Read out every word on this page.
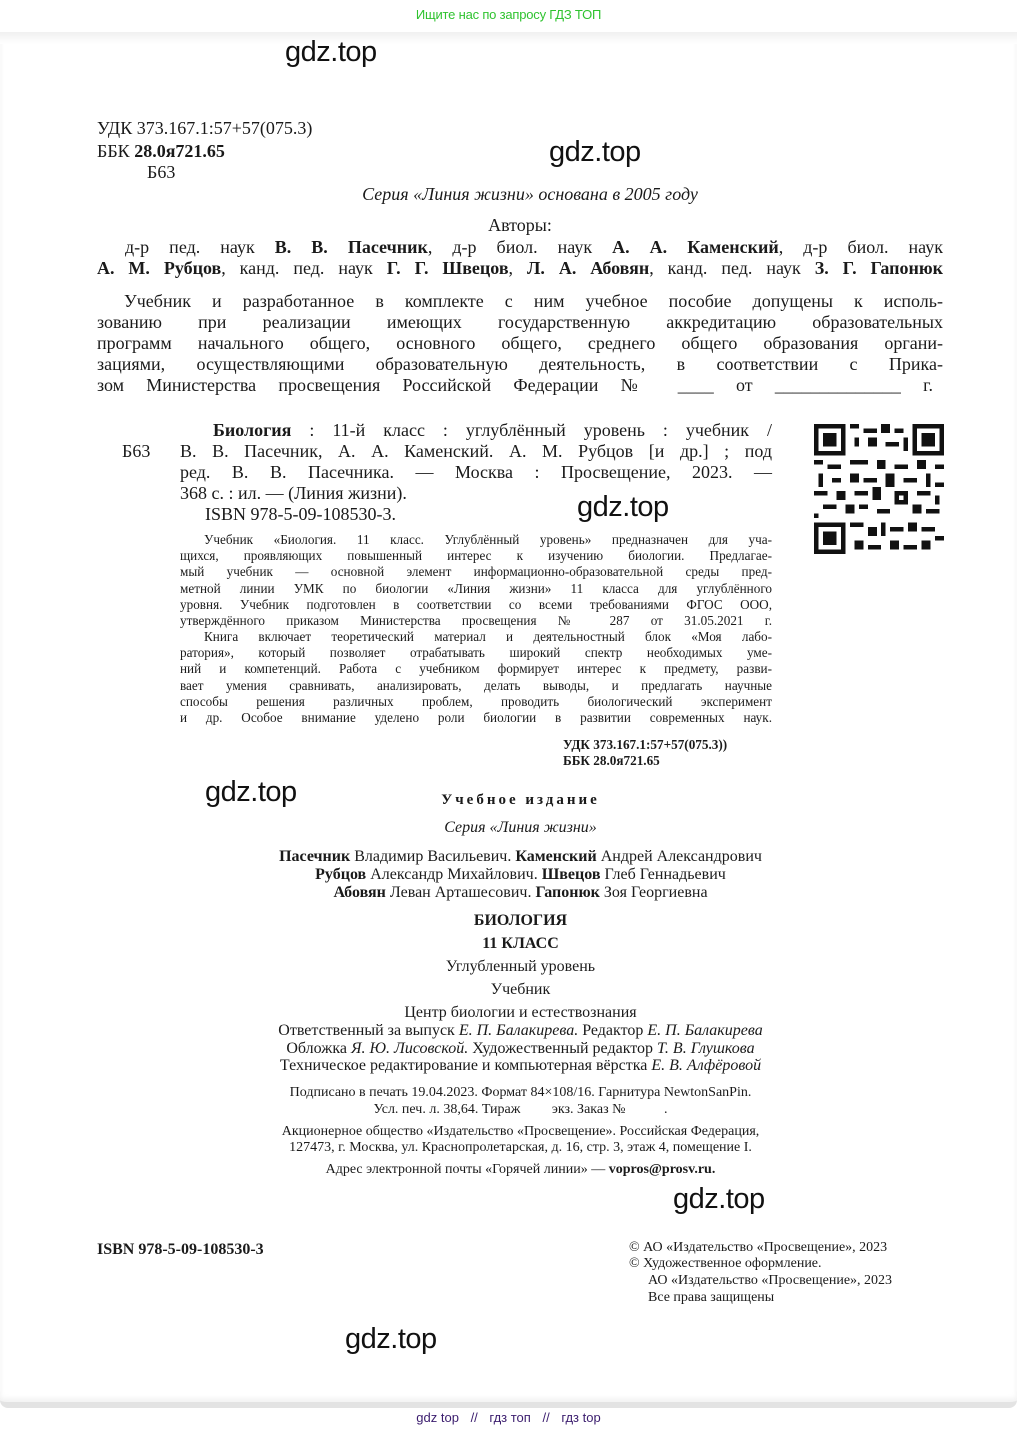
Ищите нас по запросу ГДЗ ТОП
gdz.top
gdz.top
gdz.top
gdz.top
gdz.top
gdz.top
УДК 373.167.1:57+57(075.3)
ББК 28.0я721.65
Б63
Серия «Линия жизни» основана в 2005 году
Авторы:
д-р пед. наук В. В. Пасечник, д-р биол. наук А. А. Каменский, д-р биол. наук
А. М. Рубцов, канд. пед. наук Г. Г. Швецов, Л. А. Абовян, канд. пед. наук З. Г. Гапонюк
Учебник и разработанное в комплекте с ним учебное пособие допущены к исполь-
зованию при реализации имеющих государственную аккредитацию образовательных
программ начального общего, основного общего, среднего общего образования органи-
зациями, осуществляющими образовательную деятельность, в соответствии с Прика-
зом Министерства просвещения Российской Федерации № ____ от ______________ г.
Б63
Биология : 11-й класс : углублённый уровень : учебник /
В. В. Пасечник, А. А. Каменский. А. М. Рубцов [и др.] ; под
ред. В. В. Пасечника. — Москва : Просвещение, 2023. —
368 с. : ил. — (Линия жизни).
ISBN 978-5-09-108530-3.
Учебник «Биология. 11 класс. Углублённый уровень» предназначен для уча-
щихся, проявляющих повышенный интерес к изучению биологии. Предлагае-
мый учебник — основной элемент информационно-образовательной среды пред-
метной линии УМК по биологии «Линия жизни» 11 класса для углублённого
уровня. Учебник подготовлен в соответствии со всеми требованиями ФГОС ООО,
утверждённого приказом Министерства просвещения № 287 от 31.05.2021 г.
Книга включает теоретический материал и деятельностный блок «Моя лабо-
ратория», который позволяет отрабатывать широкий спектр необходимых уме-
ний и компетенций. Работа с учебником формирует интерес к предмету, разви-
вает умения сравнивать, анализировать, делать выводы, и предлагать научные
способы решения различных проблем, проводить биологический эксперимент
и др. Особое внимание уделено роли биологии в развитии современных наук.
УДК 373.167.1:57+57(075.3))
ББК 28.0я721.65
Учебное издание
Серия «Линия жизни»
Пасечник Владимир Васильевич. Каменский Андрей Александрович
Рубцов Александр Михайлович. Швецов Глеб Геннадьевич
Абовян Леван Арташесович. Гапонюк Зоя Георгиевна
БИОЛОГИЯ
11 КЛАСС
Углубленный уровень
Учебник
Центр биологии и естествознания
Ответственный за выпуск Е. П. Балакирева. Редактор Е. П. Балакирева
Обложка Я. Ю. Лисовской. Художественный редактор Т. В. Глушкова
Техническое редактирование и компьютерная вёрстка Е. В. Алфёровой
Подписано в печать 19.04.2023. Формат 84×108/16. Гарнитура NewtonSanPin.
Усл. печ. л. 38,64. Тираж         экз. Заказ №           .
Акционерное общество «Издательство «Просвещение». Российская Федерация,
127473, г. Москва, ул. Краснопролетарская, д. 16, стр. 3, этаж 4, помещение I.
Адрес электронной почты «Горячей линии» — vopros@prosv.ru.
ISBN 978-5-09-108530-3	© АО «Издательство «Просвещение», 2023
© Художественное оформление.
АО «Издательство «Просвещение», 2023
Все права защищены
gdz top // гдз топ // гдз top
